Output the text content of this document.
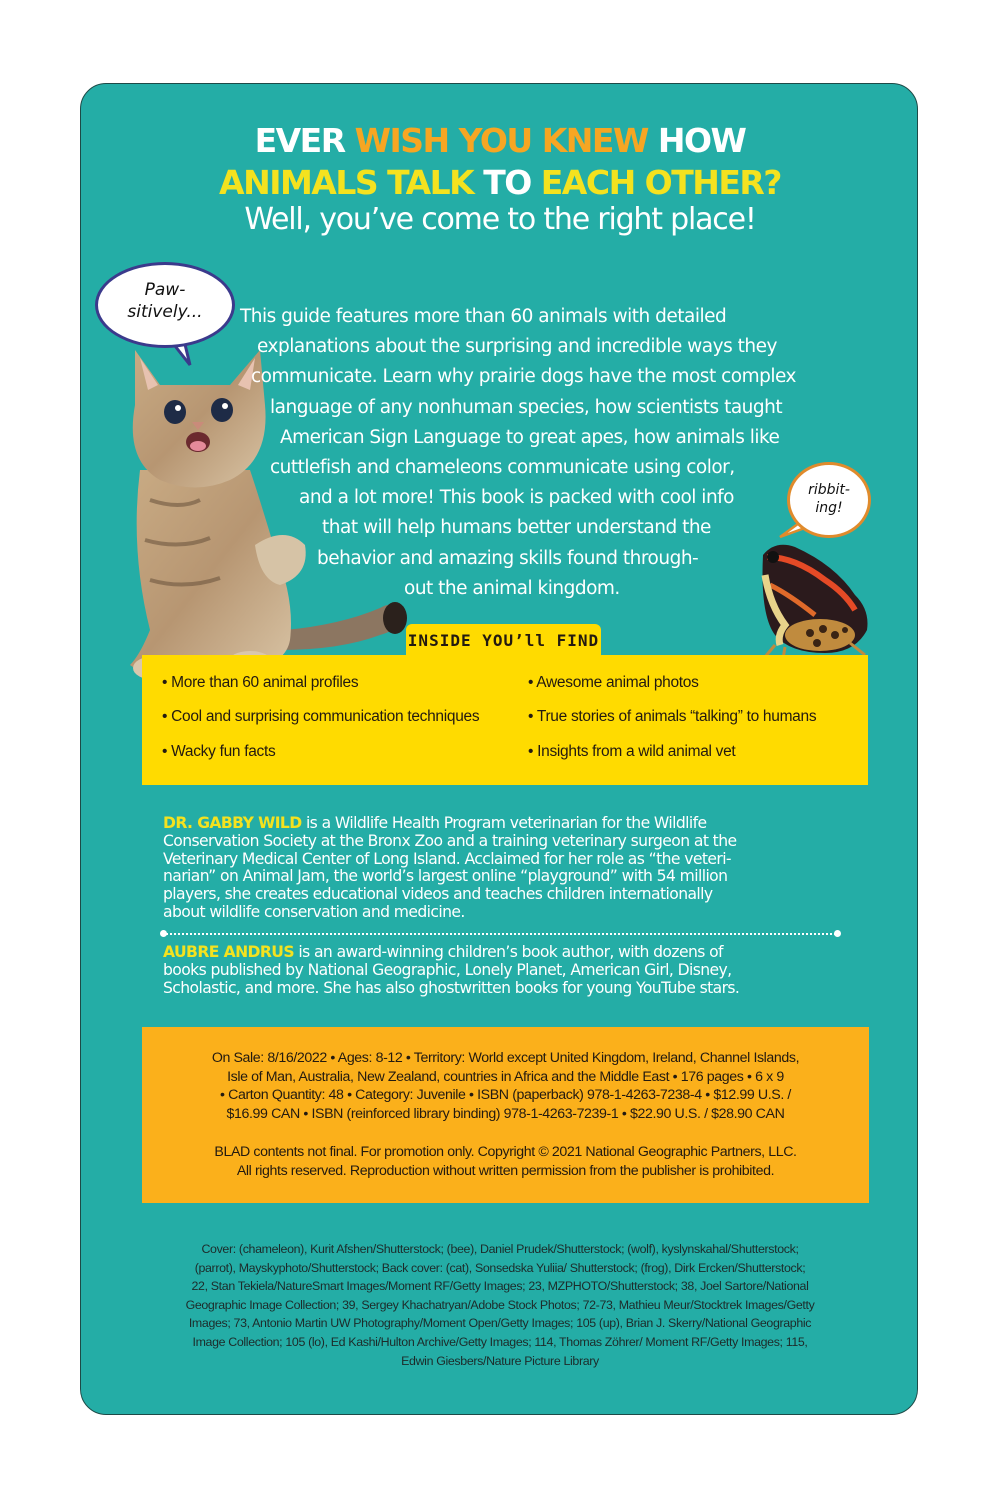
EVER WISH YOU KNEW HOW
ANIMALS TALK TO EACH OTHER?
Well, you’ve come to the right place!
Paw-
sitively...
ribbit-
ing!
This guide features more than 60 animals with detailed
explanations about the surprising and incredible ways they
communicate. Learn why prairie dogs have the most complex
language of any nonhuman species, how scientists taught
American Sign Language to great apes, how animals like
cuttlefish and chameleons communicate using color,
and a lot more! This book is packed with cool info
that will help humans better understand the
behavior and amazing skills found through-
out the animal kingdom.
INSIDE YOU’ll FIND
• More than 60 animal profiles	• Awesome animal photos
• Cool and surprising communication techniques	• True stories of animals “talking” to humans
• Wacky fun facts	• Insights from a wild animal vet
DR. GABBY WILD is a Wildlife Health Program veterinarian for the Wildlife
Conservation Society at the Bronx Zoo and a training veterinary surgeon at the
Veterinary Medical Center of Long Island. Acclaimed for her role as “the veteri-
narian” on Animal Jam, the world’s largest online “playground” with 54 million
players, she creates educational videos and teaches children internationally
about wildlife conservation and medicine.
AUBRE ANDRUS is an award-winning children’s book author, with dozens of
books published by National Geographic, Lonely Planet, American Girl, Disney,
Scholastic, and more. She has also ghostwritten books for young YouTube stars.
On Sale: 8/16/2022 • Ages: 8-12 • Territory: World except United Kingdom, Ireland, Channel Islands,
Isle of Man, Australia, New Zealand, countries in Africa and the Middle East • 176 pages • 6 x 9
• Carton Quantity: 48 • Category: Juvenile • ISBN (paperback) 978-1-4263-7238-4 • $12.99 U.S. /
$16.99 CAN • ISBN (reinforced library binding) 978-1-4263-7239-1 • $22.90 U.S. / $28.90 CAN
BLAD contents not final. For promotion only. Copyright © 2021 National Geographic Partners, LLC.
All rights reserved. Reproduction without written permission from the publisher is prohibited.
Cover: (chameleon), Kurit Afshen/Shutterstock; (bee), Daniel Prudek/Shutterstock; (wolf), kyslynskahal/Shutterstock;
(parrot), Mayskyphoto/Shutterstock; Back cover: (cat), Sonsedska Yuliia/ Shutterstock; (frog), Dirk Ercken/Shutterstock;
22, Stan Tekiela/NatureSmart Images/Moment RF/Getty Images; 23, MZPHOTO/Shutterstock; 38, Joel Sartore/National
Geographic Image Collection; 39, Sergey Khachatryan/Adobe Stock Photos; 72-73, Mathieu Meur/Stocktrek Images/Getty
Images; 73, Antonio Martin UW Photography/Moment Open/Getty Images; 105 (up), Brian J. Skerry/National Geographic
Image Collection; 105 (lo), Ed Kashi/Hulton Archive/Getty Images; 114, Thomas Zöhrer/ Moment RF/Getty Images; 115,
Edwin Giesbers/Nature Picture Library
